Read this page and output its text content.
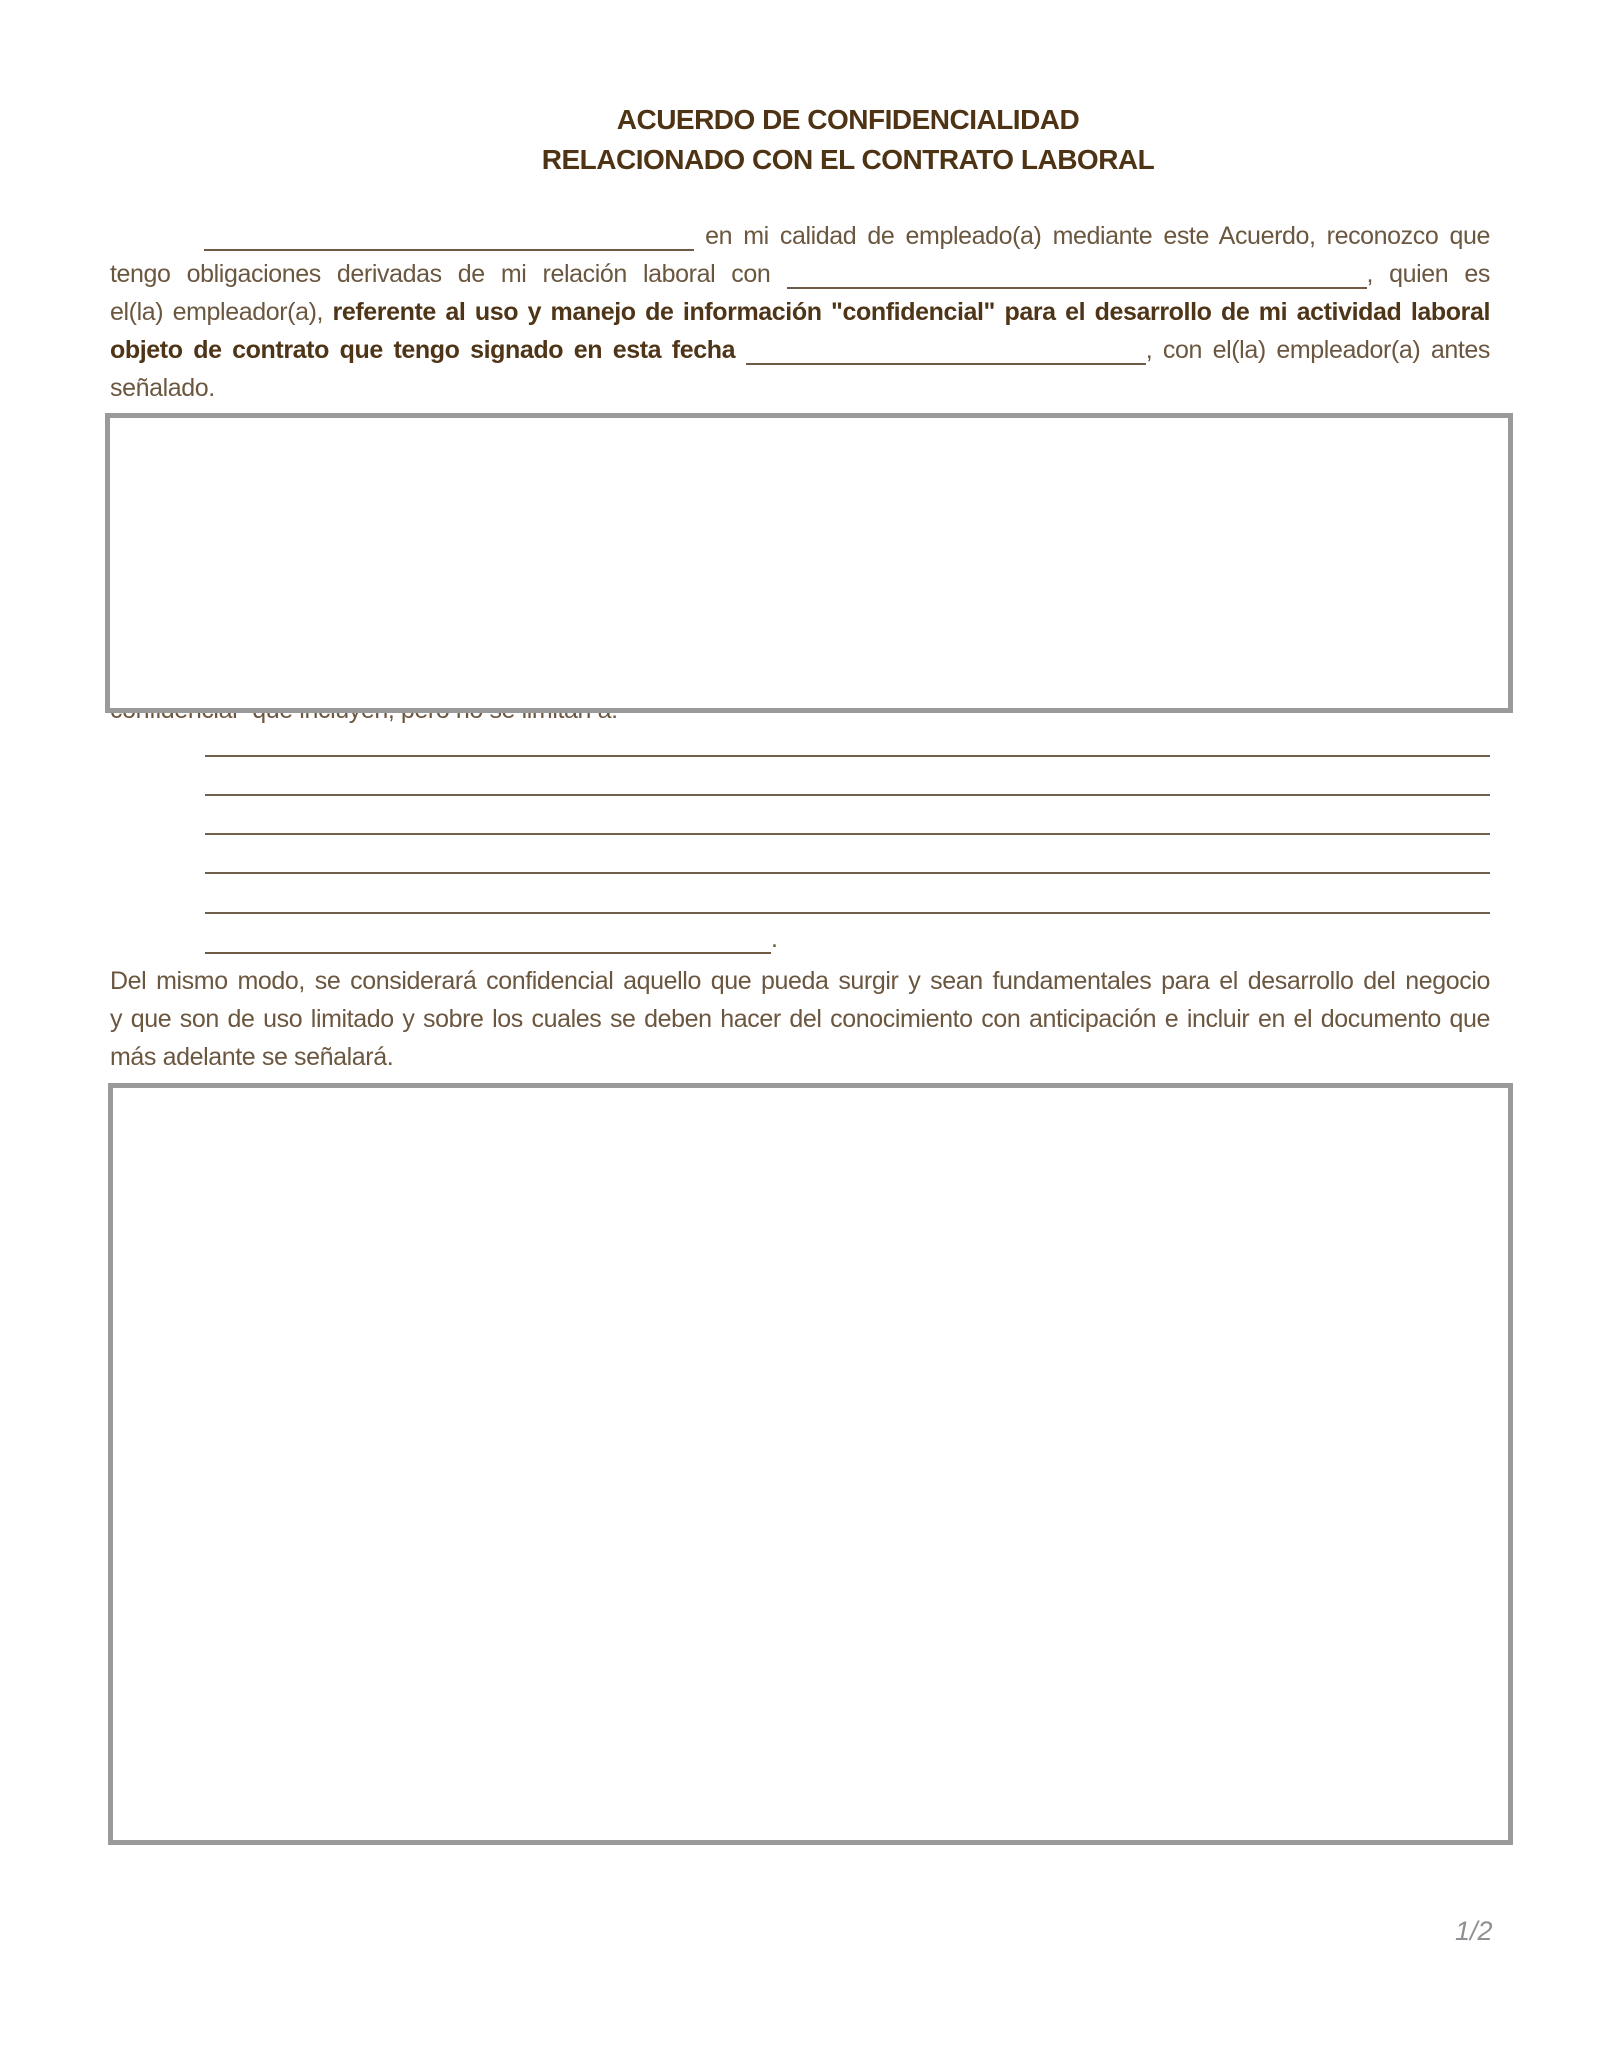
ACUERDO DE CONFIDENCIALIDAD
RELACIONADO CON EL CONTRATO LABORAL
en mi calidad de empleado(a) mediante este Acuerdo, reconozco que
tengo obligaciones derivadas de mi relación laboral con	, quien es
el(la) empleador(a), referente al uso y manejo de información "confidencial" para el desarrollo de mi actividad laboral
objeto de contrato que tengo signado en esta fecha	, con el(la) empleador(a) antes
señalado.
.
Del mismo modo, se considerará confidencial aquello que pueda surgir y sean fundamentales para el desarrollo del negocio
y que son de uso limitado y sobre los cuales se deben hacer del conocimiento con anticipación e incluir en el documento que
más adelante se señalará.
1/2
